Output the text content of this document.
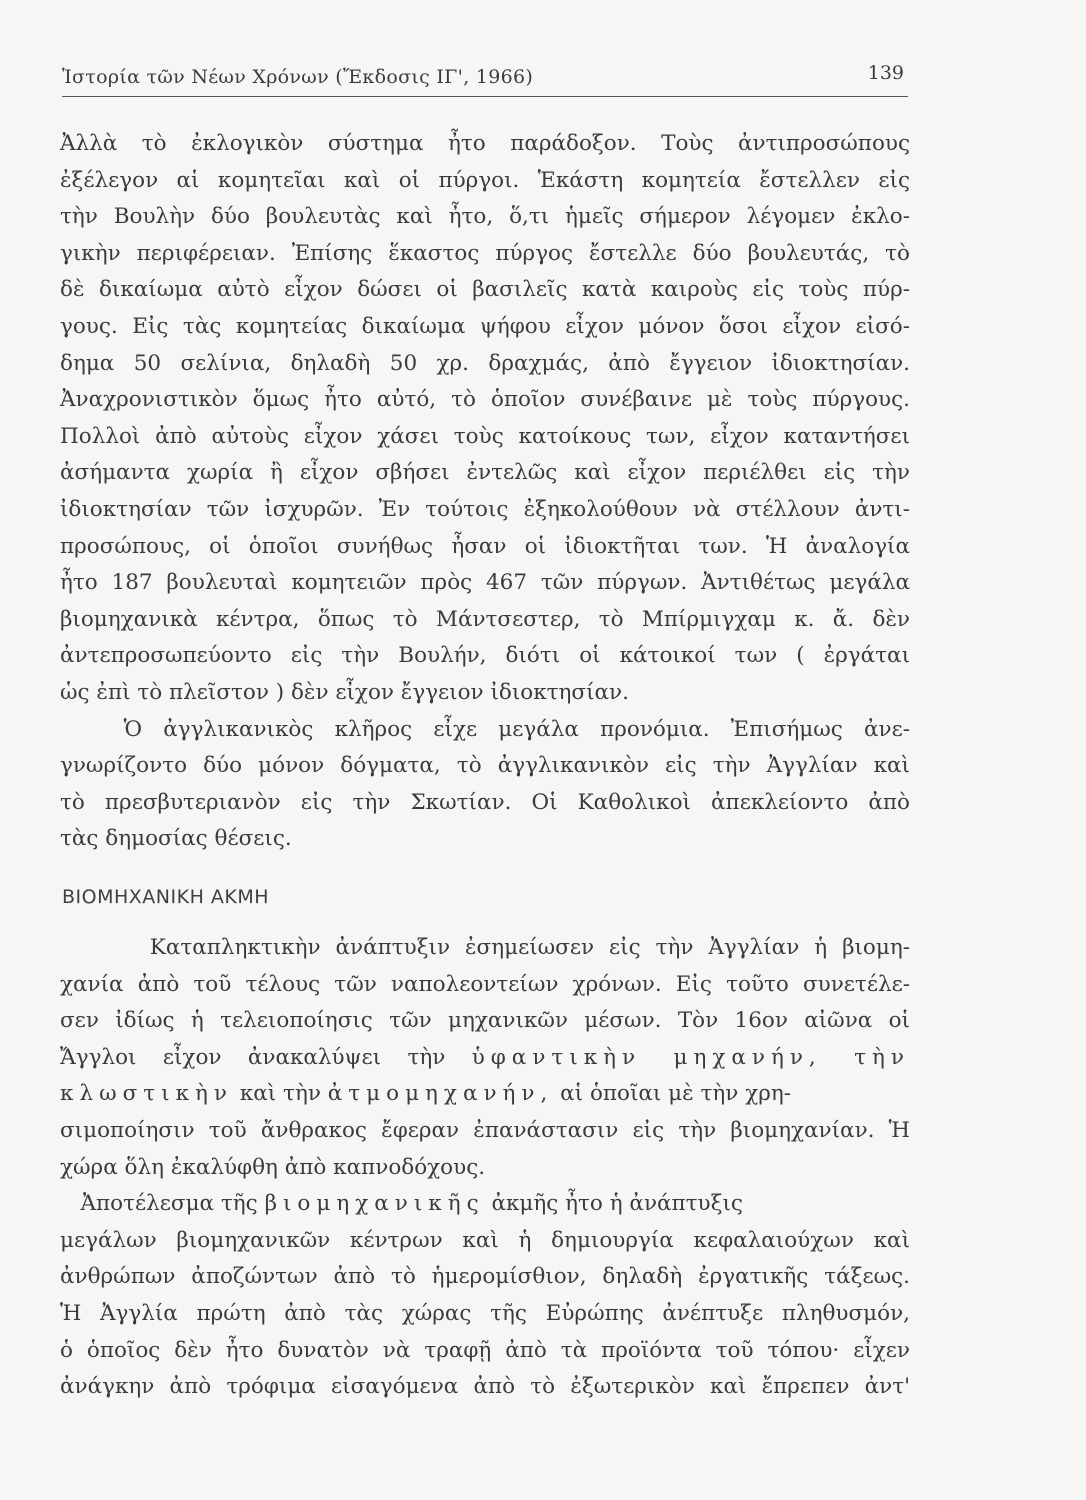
Ἱστορία τῶν Νέων Χρόνων (Ἔκδοσις ΙΓ', 1966)	139

Ἀλλὰ τὸ ἐκλογικὸν σύστημα ἦτο παράδοξον. Τοὺς ἀντιπροσώπους
ἐξέλεγον αἱ κομητεῖαι καὶ οἱ πύργοι. Ἑκάστη κομητεία ἔστελλεν εἰς
τὴν Βουλὴν δύο βουλευτὰς καὶ ἦτο, ὅ,τι ἡμεῖς σήμερον λέγομεν ἐκλο-
γικὴν περιφέρειαν. Ἐπίσης ἕκαστος πύργος ἔστελλε δύο βουλευτάς, τὸ
δὲ δικαίωμα αὐτὸ εἶχον δώσει οἱ βασιλεῖς κατὰ καιροὺς εἰς τοὺς πύρ-
γους. Εἰς τὰς κομητείας δικαίωμα ψήφου εἶχον μόνον ὅσοι εἶχον εἰσό-
δημα 50 σελίνια, δηλαδὴ 50 χρ. δραχμάς, ἀπὸ ἔγγειον ἰδιοκτησίαν.
Ἀναχρονιστικὸν ὅμως ἦτο αὐτό, τὸ ὁποῖον συνέβαινε μὲ τοὺς πύργους.
Πολλοὶ ἀπὸ αὐτοὺς εἶχον χάσει τοὺς κατοίκους των, εἶχον καταντήσει
ἀσήμαντα χωρία ἢ εἶχον σβήσει ἐντελῶς καὶ εἶχον περιέλθει εἰς τὴν
ἰδιοκτησίαν τῶν ἰσχυρῶν. Ἐν τούτοις ἐξηκολούθουν νὰ στέλλουν ἀντι-
προσώπους, οἱ ὁποῖοι συνήθως ἦσαν οἱ ἰδιοκτῆται των. Ἡ ἀναλογία
ἦτο 187 βουλευταὶ κομητειῶν πρὸς 467 τῶν πύργων. Ἀντιθέτως μεγάλα
βιομηχανικὰ κέντρα, ὅπως τὸ Μάντσεστερ, τὸ Μπίρμιγχαμ κ. ἄ. δὲν
ἀντεπροσωπεύοντο εἰς τὴν Βουλήν, διότι οἱ κάτοικοί των ( ἐργάται
ὡς ἐπὶ τὸ πλεῖστον ) δὲν εἶχον ἔγγειον ἰδιοκτησίαν.

Ὁ ἀγγλικανικὸς κλῆρος εἶχε μεγάλα προνόμια. Ἐπισήμως ἀνε-
γνωρίζοντο δύο μόνον δόγματα, τὸ ἀγγλικανικὸν εἰς τὴν Ἀγγλίαν καὶ
τὸ πρεσβυτεριανὸν εἰς τὴν Σκωτίαν. Οἱ Καθολικοὶ ἀπεκλείοντο ἀπὸ
τὰς δημοσίας θέσεις.

ΒΙΟΜΗΧΑΝΙΚΗ ΑΚΜΗ

Καταπληκτικὴν ἀνάπτυξιν ἐσημείωσεν εἰς τὴν Ἀγγλίαν ἡ βιομη-
χανία ἀπὸ τοῦ τέλους τῶν ναπολεοντείων χρόνων. Εἰς τοῦτο συνετέλε-
σεν ἰδίως ἡ τελειοποίησις τῶν μηχανικῶν μέσων. Τὸν 16ον αἰῶνα οἱ
Ἄγγλοι εἶχον ἀνακαλύψει τὴν ὑφαντικὴν μηχανήν, τὴν
κλωστικὴν καὶ τὴν ἀτμομηχανήν, αἱ ὁποῖαι μὲ τὴν χρη-
σιμοποίησιν τοῦ ἄνθρακος ἔφεραν ἐπανάστασιν εἰς τὴν βιομηχανίαν. Ἡ
χώρα ὅλη ἐκαλύφθη ἀπὸ καπνοδόχους.

Ἀποτέλεσμα τῆς βιομηχανικῆς ἀκμῆς ἦτο ἡ ἀνάπτυξις
μεγάλων βιομηχανικῶν κέντρων καὶ ἡ δημιουργία κεφαλαιούχων καὶ
ἀνθρώπων ἀποζώντων ἀπὸ τὸ ἡμερομίσθιον, δηλαδὴ ἐργατικῆς τάξεως.
Ἡ Ἀγγλία πρώτη ἀπὸ τὰς χώρας τῆς Εὐρώπης ἀνέπτυξε πληθυσμόν,
ὁ ὁποῖος δὲν ἦτο δυνατὸν νὰ τραφῇ ἀπὸ τὰ προϊόντα τοῦ τόπου· εἶχεν
ἀνάγκην ἀπὸ τρόφιμα εἰσαγόμενα ἀπὸ τὸ ἐξωτερικὸν καὶ ἔπρεπεν ἀντ'
